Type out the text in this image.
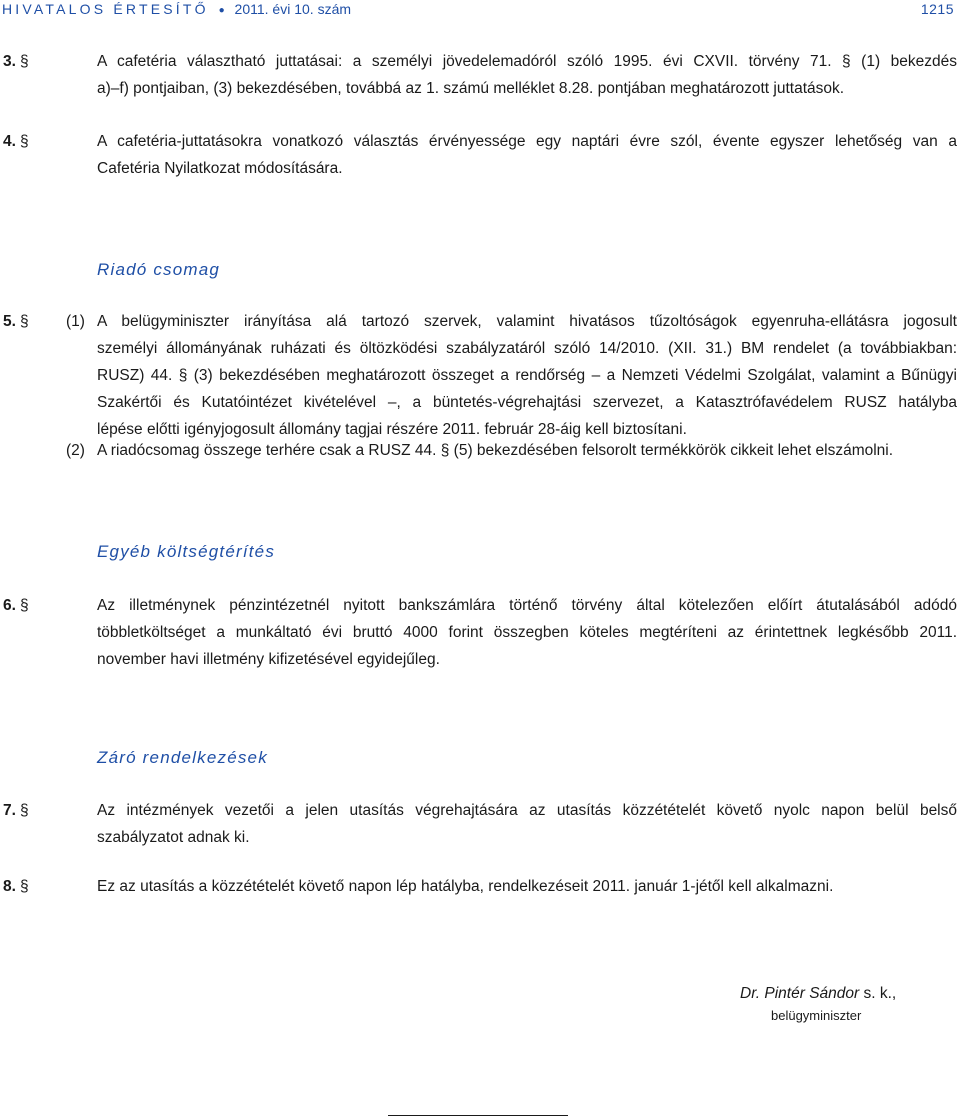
HIVATALOS ÉRTESÍTŐ ● 2011. évi 10. szám	1215
3. §	A cafetéria választható juttatásai: a személyi jövedelemadóról szóló 1995. évi CXVII. törvény 71. § (1) bekezdés
a)–f) pontjaiban, (3) bekezdésében, továbbá az 1. számú melléklet 8.28. pontjában meghatározott juttatások.
4. §	A cafetéria-juttatásokra vonatkozó választás érvényessége egy naptári évre szól, évente egyszer lehetőség van a
Cafetéria Nyilatkozat módosítására.
Riadó csomag
5. § (1) A belügyminiszter irányítása alá tartozó szervek, valamint hivatásos tűzoltóságok egyenruha-ellátásra jogosult
személyi állományának ruházati és öltözködési szabályzatáról szóló 14/2010. (XII. 31.) BM rendelet (a továbbiakban:
RUSZ) 44. § (3) bekezdésében meghatározott összeget a rendőrség – a Nemzeti Védelmi Szolgálat, valamint a Bűnügyi
Szakértői és Kutatóintézet kivételével –, a büntetés-végrehajtási szervezet, a Katasztrófavédelem RUSZ hatályba
lépése előtti igényjogosult állomány tagjai részére 2011. február 28-áig kell biztosítani.
(2) A riadócsomag összege terhére csak a RUSZ 44. § (5) bekezdésében felsorolt termékkörök cikkeit lehet elszámolni.
Egyéb költségtérítés
6. §	Az illetménynek pénzintézetnél nyitott bankszámlára történő törvény által kötelezően előírt átutalásából adódó
többletköltséget a munkáltató évi bruttó 4000 forint összegben köteles megtéríteni az érintettnek legkésőbb 2011.
november havi illetmény kifizetésével egyidejűleg.
Záró rendelkezések
7. §	Az intézmények vezetői a jelen utasítás végrehajtására az utasítás közzétételét követő nyolc napon belül belső
szabályzatot adnak ki.
8. §	Ez az utasítás a közzétételét követő napon lép hatályba, rendelkezéseit 2011. január 1-jétől kell alkalmazni.
Dr. Pintér Sándor s. k.,
belügyminiszter
